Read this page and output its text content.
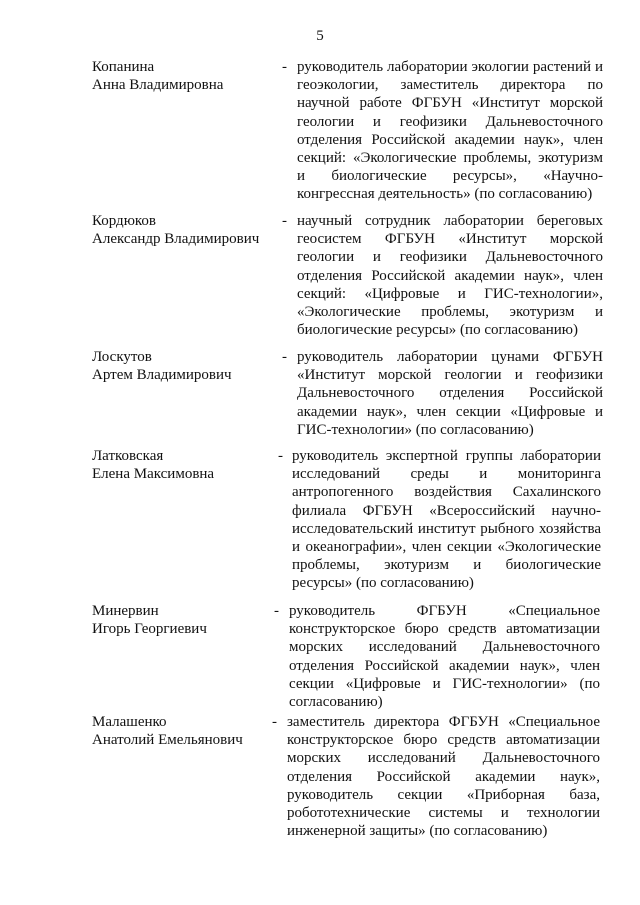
5
Копанина
Анна Владимировна
- руководитель лаборатории экологии растений и геоэкологии, заместитель директора по научной работе ФГБУН «Институт морской геологии и геофизики Дальневосточного отделения Российской академии наук», член секций: «Экологические проблемы, экотуризм и биологические ресурсы», «Научно-конгрессная деятельность» (по согласованию)
Кордюков
Александр Владимирович
- научный сотрудник лаборатории береговых геосистем ФГБУН «Институт морской геологии и геофизики Дальневосточного отделения Российской академии наук», член секций: «Цифровые и ГИС-технологии», «Экологические проблемы, экотуризм и биологические ресурсы» (по согласованию)
Лоскутов
Артем Владимирович
- руководитель лаборатории цунами ФГБУН «Институт морской геологии и геофизики Дальневосточного отделения Российской академии наук», член секции «Цифровые и ГИС-технологии» (по согласованию)
Латковская
Елена Максимовна
- руководитель экспертной группы лаборатории исследований среды и мониторинга антропогенного воздействия Сахалинского филиала ФГБУН «Всероссийский научно-исследовательский институт рыбного хозяйства и океанографии», член секции «Экологические проблемы, экотуризм и биологические ресурсы» (по согласованию)
Минервин
Игорь Георгиевич
- руководитель ФГБУН «Специальное конструкторское бюро средств автоматизации морских исследований Дальневосточного отделения Российской академии наук», член секции «Цифровые и ГИС-технологии» (по согласованию)
Малашенко
Анатолий Емельянович
- заместитель директора ФГБУН «Специальное конструкторское бюро средств автоматизации морских исследований Дальневосточного отделения Российской академии наук», руководитель секции «Приборная база, робототехнические системы и технологии инженерной защиты» (по согласованию)
